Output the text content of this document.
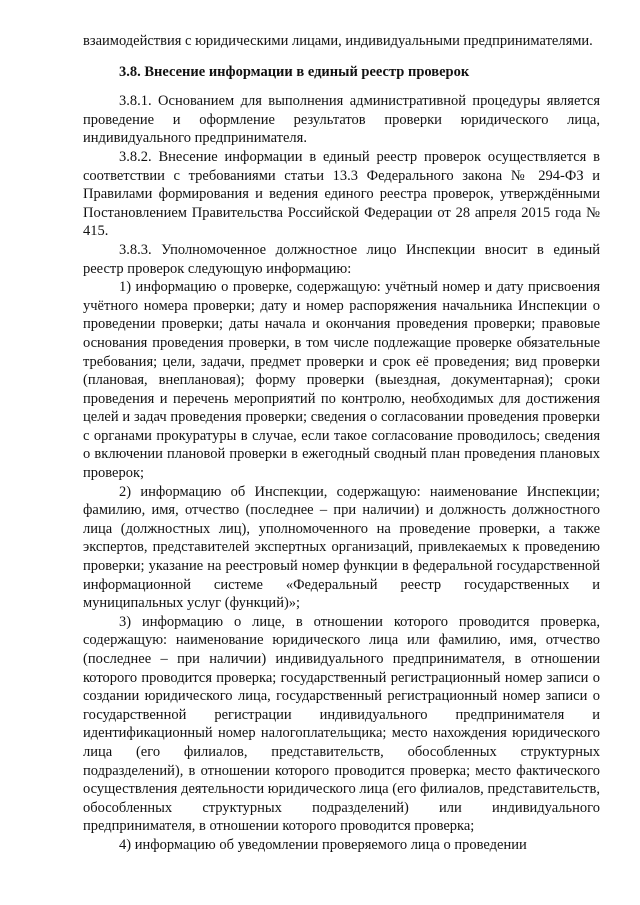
взаимодействия с юридическими лицами, индивидуальными предпринимателями.

3.8. Внесение информации в единый реестр проверок

3.8.1. Основанием для выполнения административной процедуры является проведение и оформление результатов проверки юридического лица, индивидуального предпринимателя.

3.8.2. Внесение информации в единый реестр проверок осуществляется в соответствии с требованиями статьи 13.3 Федерального закона № 294-ФЗ и Правилами формирования и ведения единого реестра проверок, утверждёнными Постановлением Правительства Российской Федерации от 28 апреля 2015 года № 415.

3.8.3. Уполномоченное должностное лицо Инспекции вносит в единый реестр проверок следующую информацию:

1) информацию о проверке, содержащую: учётный номер и дату присвоения учётного номера проверки; дату и номер распоряжения начальника Инспекции о проведении проверки; даты начала и окончания проведения проверки; правовые основания проведения проверки, в том числе подлежащие проверке обязательные требования; цели, задачи, предмет проверки и срок её проведения; вид проверки (плановая, внеплановая); форму проверки (выездная, документарная); сроки проведения и перечень мероприятий по контролю, необходимых для достижения целей и задач проведения проверки; сведения о согласовании проведения проверки с органами прокуратуры в случае, если такое согласование проводилось; сведения о включении плановой проверки в ежегодный сводный план проведения плановых проверок;

2) информацию об Инспекции, содержащую: наименование Инспекции; фамилию, имя, отчество (последнее – при наличии) и должность должностного лица (должностных лиц), уполномоченного на проведение проверки, а также экспертов, представителей экспертных организаций, привлекаемых к проведению проверки; указание на реестровый номер функции в федеральной государственной информационной системе «Федеральный реестр государственных и муниципальных услуг (функций)»;

3) информацию о лице, в отношении которого проводится проверка, содержащую: наименование юридического лица или фамилию, имя, отчество (последнее – при наличии) индивидуального предпринимателя, в отношении которого проводится проверка; государственный регистрационный номер записи о создании юридического лица, государственный регистрационный номер записи о государственной регистрации индивидуального предпринимателя и идентификационный номер налогоплательщика; место нахождения юридического лица (его филиалов, представительств, обособленных структурных подразделений), в отношении которого проводится проверка; место фактического осуществления деятельности юридического лица (его филиалов, представительств, обособленных структурных подразделений) или индивидуального предпринимателя, в отношении которого проводится проверка;

4) информацию об уведомлении проверяемого лица о проведении
